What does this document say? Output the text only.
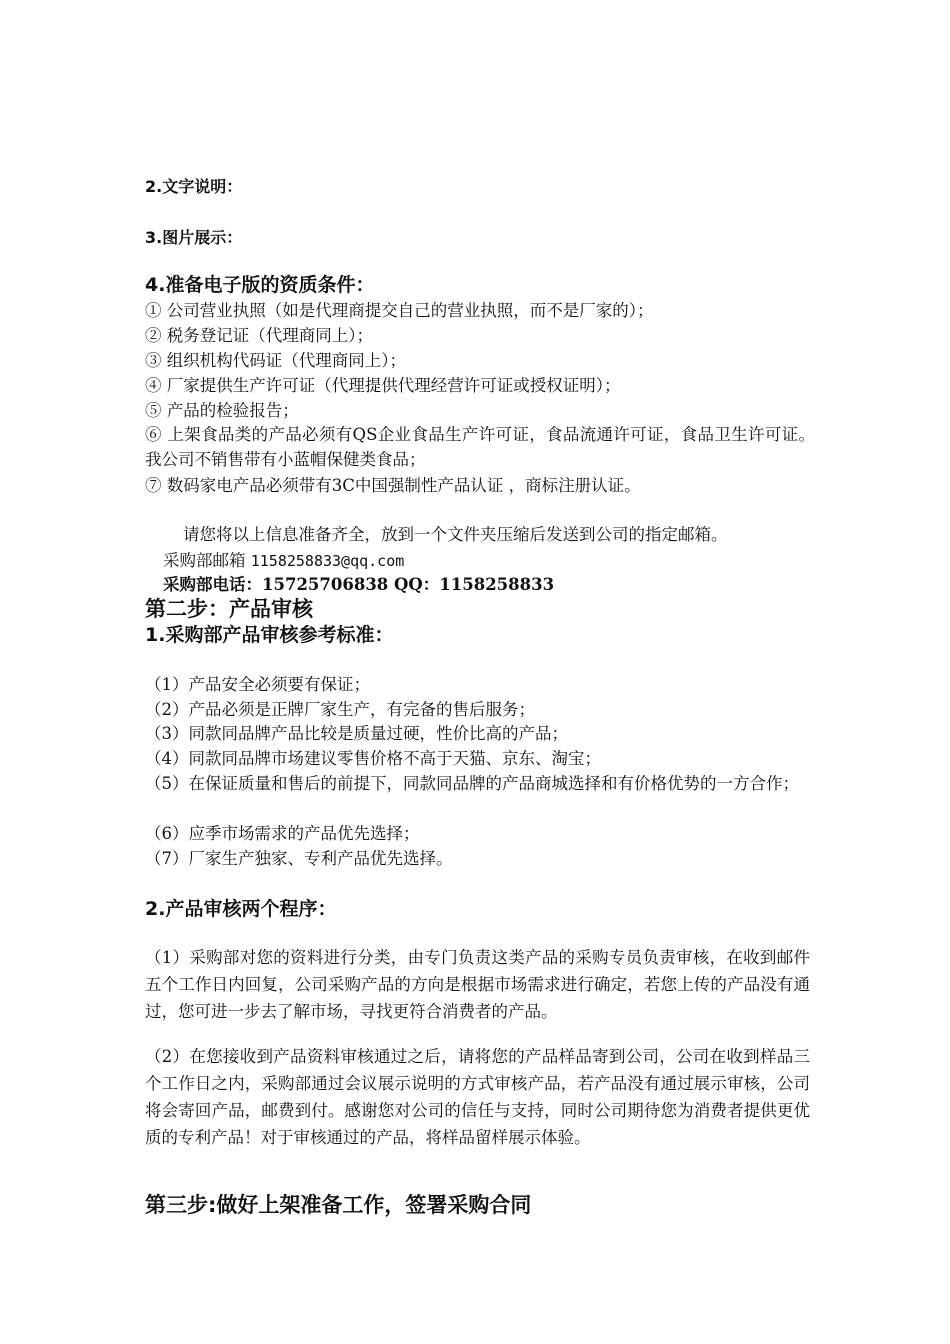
2.文字说明：
3.图片展示：
4.准备电子版的资质条件：
① 公司营业执照（如是代理商提交自己的营业执照，而不是厂家的）；
② 税务登记证（代理商同上）；
③ 组织机构代码证（代理商同上）；
④ 厂家提供生产许可证（代理提供代理经营许可证或授权证明）；
⑤ 产品的检验报告；
⑥ 上架食品类的产品必须有QS企业食品生产许可证，食品流通许可证，食品卫生许可证。我公司不销售带有小蓝帽保健类食品；
⑦ 数码家电产品必须带有3C中国强制性产品认证 ，商标注册认证。
请您将以上信息准备齐全，放到一个文件夹压缩后发送到公司的指定邮箱。
采购部邮箱 1158258833@qq.com
采购部电话：15725706838 QQ：1158258833
第二步：产品审核
1.采购部产品审核参考标准：
（1）产品安全必须要有保证；
（2）产品必须是正牌厂家生产，有完备的售后服务；
（3）同款同品牌产品比较是质量过硬，性价比高的产品；
（4）同款同品牌市场建议零售价格不高于天猫、京东、淘宝；
（5）在保证质量和售后的前提下，同款同品牌的产品商城选择和有价格优势的一方合作；
（6）应季市场需求的产品优先选择；
（7）厂家生产独家、专利产品优先选择。
2.产品审核两个程序：
（1）采购部对您的资料进行分类，由专门负责这类产品的采购专员负责审核，在收到邮件五个工作日内回复，公司采购产品的方向是根据市场需求进行确定，若您上传的产品没有通过，您可进一步去了解市场，寻找更符合消费者的产品。
（2）在您接收到产品资料审核通过之后，请将您的产品样品寄到公司，公司在收到样品三个工作日之内，采购部通过会议展示说明的方式审核产品，若产品没有通过展示审核，公司将会寄回产品，邮费到付。感谢您对公司的信任与支持，同时公司期待您为消费者提供更优质的专利产品！对于审核通过的产品，将样品留样展示体验。
第三步:做好上架准备工作，签署采购合同
